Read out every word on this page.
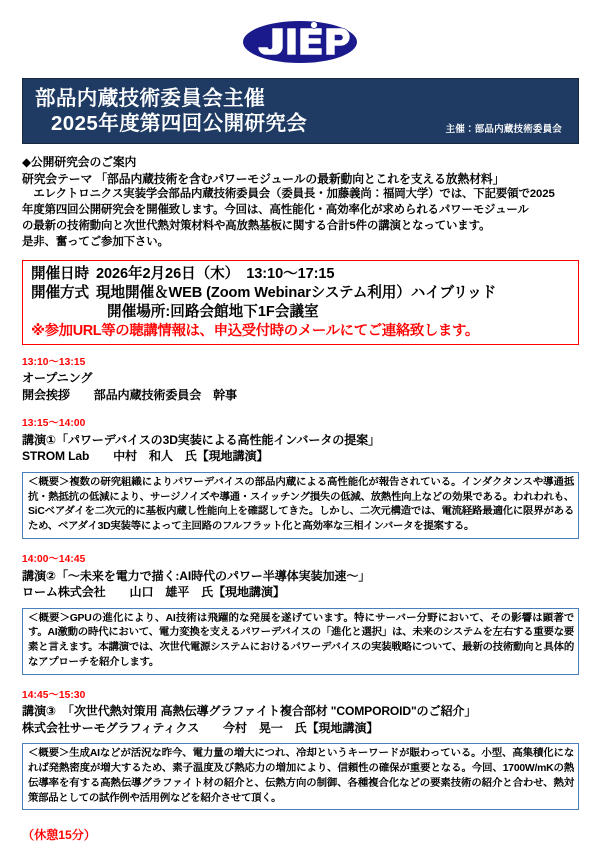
部品内蔵技術委員会主催
2025年度第四回公開研究会	主催：部品内蔵技術委員会
◆公開研究会のご案内
研究会テーマ 「部品内蔵技術を含むパワーモジュールの最新動向とこれを支える放熱材料」
　エレクトロニクス実装学会部品内蔵技術委員会（委員長・加藤義尚：福岡大学）では、下記要領で2025
年度第四回公開研究会を開催致します。今回は、高性能化・高効率化が求められるパワーモジュール
の最新の技術動向と次世代熱対策材料や高放熱基板に関する合計5件の講演となっています。
是非、奮ってご参加下さい。
開催日時 2026年2月26日（木）　13:10〜17:15
開催方式 現地開催＆WEB (Zoom Webinarシステム利用）ハイブリッド
開催場所:回路会館地下1F会議室
※参加URL等の聴講情報は、申込受付時のメールにてご連絡致します。
13:10〜13:15
オープニング
開会挨拶　　部品内蔵技術委員会　幹事
13:15〜14:00
講演①「パワーデバイスの3D実装による高性能インバータの提案」
STROM Lab　　中村　和人　氏【現地講演】
＜概要＞複数の研究組織によりパワーデバイスの部品内蔵による高性能化が報告されている。インダクタンスや導通抵抗・熱抵抗の低減により、サージノイズや導通・スイッチング損失の低減、放熱性向上などの効果である。われわれも、SiCベアダイを二次元的に基板内蔵し性能向上を確認してきた。しかし、二次元構造では、電流経路最適化に限界があるため、ベアダイ3D実装等によって主回路のフルフラット化と高効率な三相インバータを提案する。
14:00〜14:45
講演②「〜未来を電力で描く:AI時代のパワー半導体実装加速〜」
ローム株式会社　　山口　雄平　氏【現地講演】
＜概要＞GPUの進化により、AI技術は飛躍的な発展を遂げています。特にサーバー分野において、その影響は顕著です。AI激動の時代において、電力変換を支えるパワーデバイスの「進化と選択」は、未来のシステムを左右する重要な要素と言えます。本講演では、次世代電源システムにおけるパワーデバイスの実装戦略について、最新の技術動向と具体的なアプローチを紹介します。
14:45〜15:30
講演③　「次世代熱対策用 高熱伝導グラファイト複合部材 "COMPOROID"のご紹介」
株式会社サーモグラフィティクス　　今村　晃一　氏【現地講演】
＜概要＞生成AIなどが活況な昨今、電力量の増大につれ、冷却というキーワードが賑わっている。小型、高集積化になれば発熱密度が増大するため、素子温度及び熱応力の増加により、信頼性の確保が重要となる。今回、1700W/mKの熱伝導率を有する高熱伝導グラファイト材の紹介と、伝熱方向の制御、各種複合化などの要素技術の紹介と合わせ、熱対策部品としての試作例や活用例などを紹介させて頂く。
（休憩15分）
